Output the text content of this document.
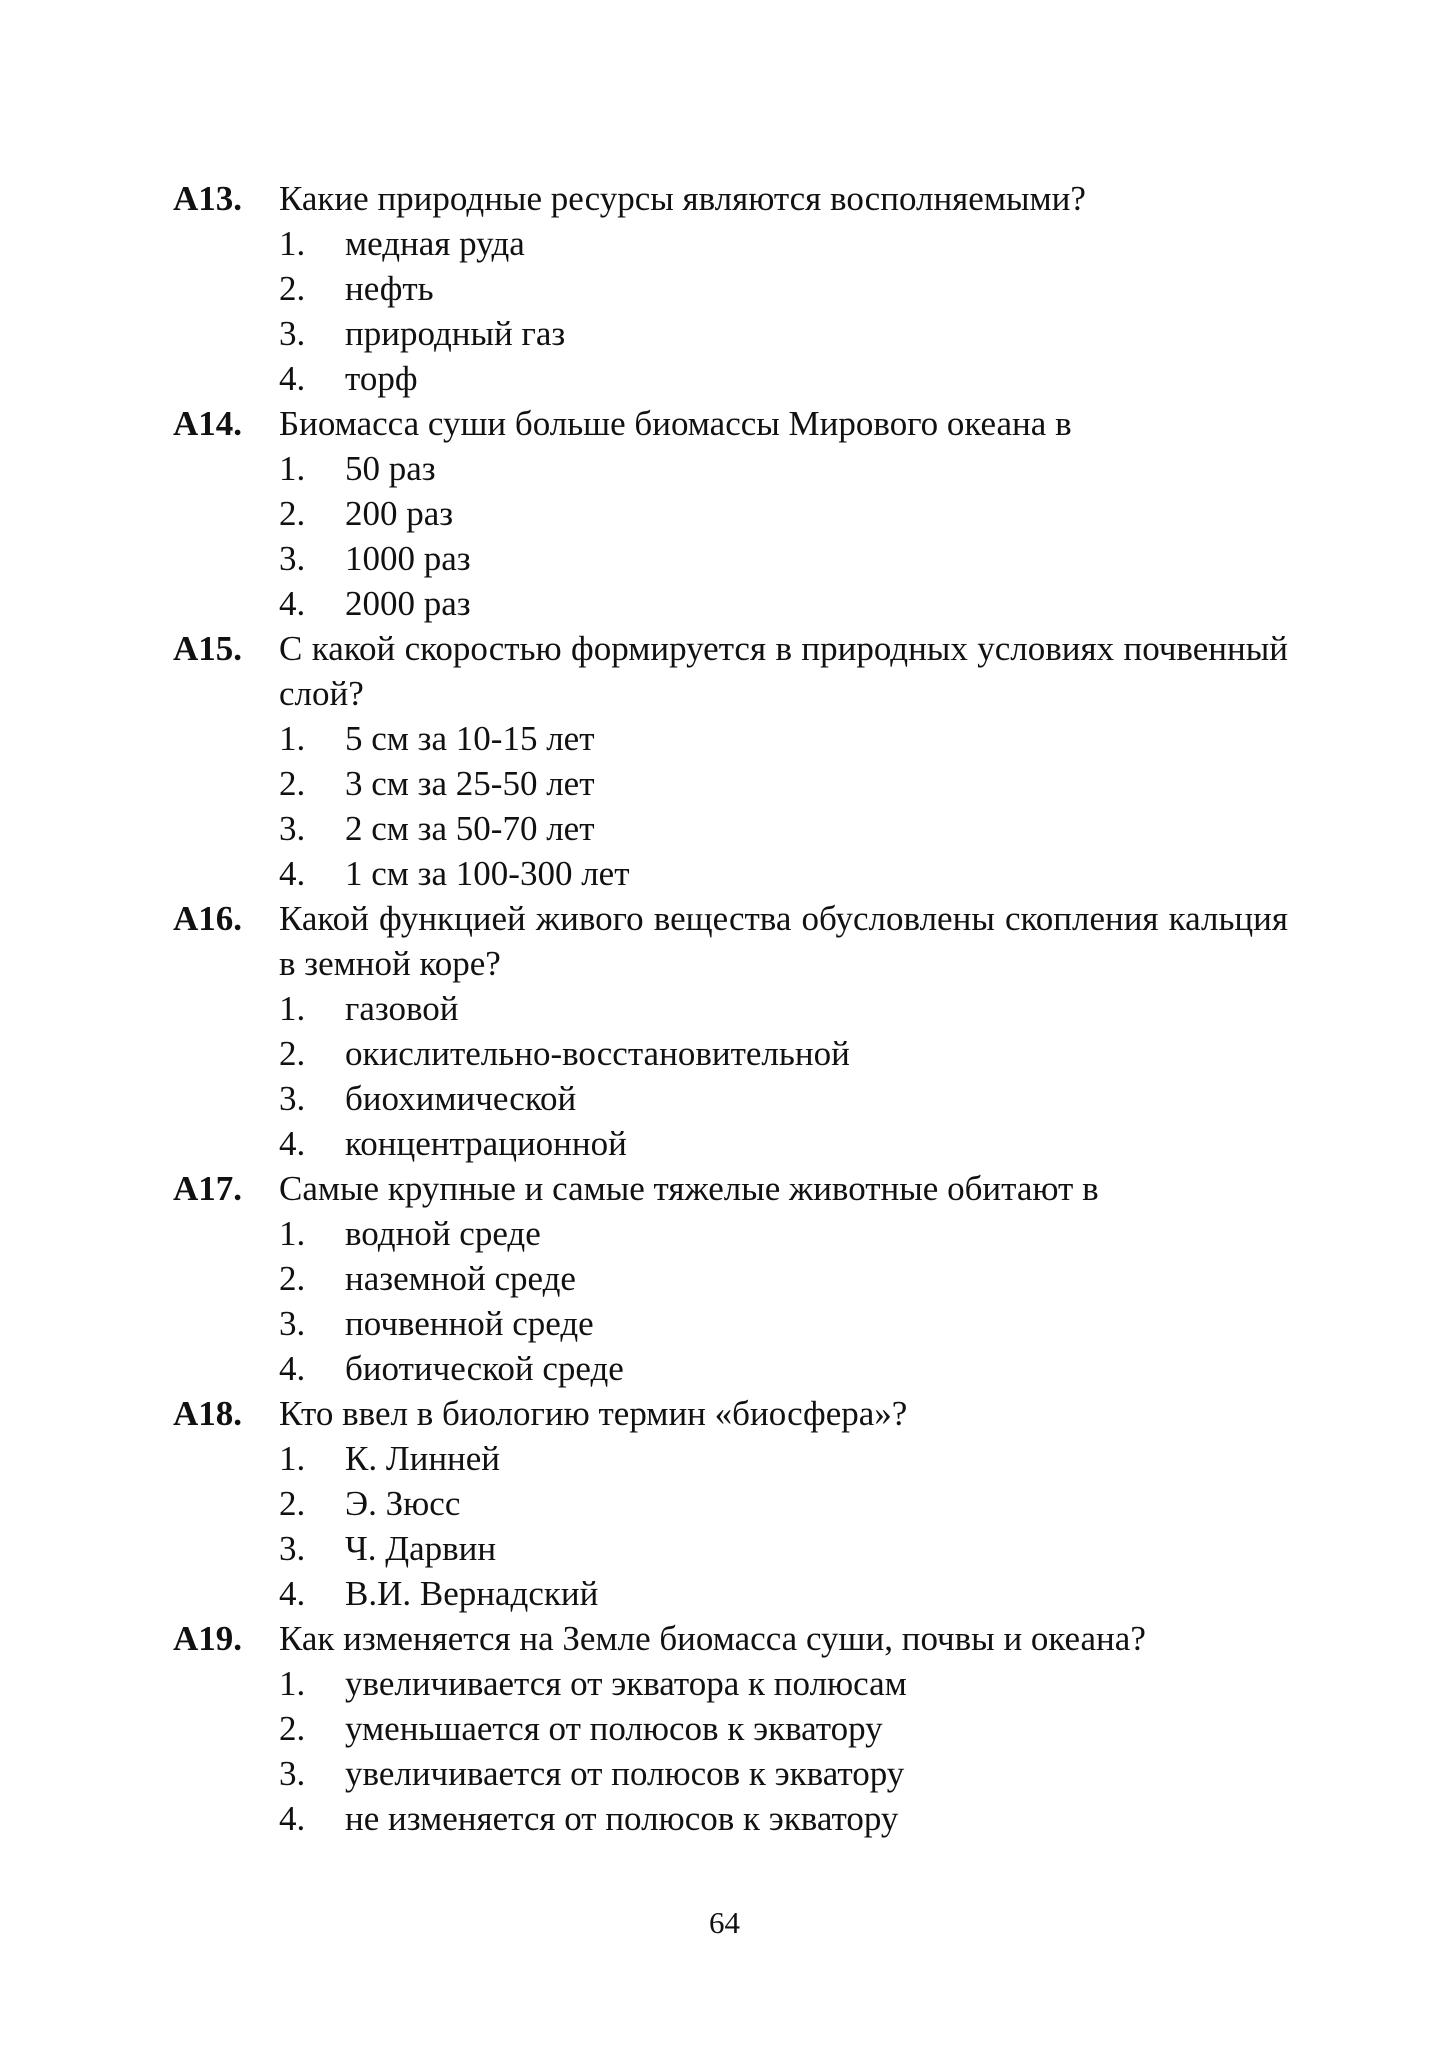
A13. Какие природные ресурсы являются восполняемыми?
1. медная руда
2. нефть
3. природный газ
4. торф
A14. Биомасса суши больше биомассы Мирового океана в
1. 50 раз
2. 200 раз
3. 1000 раз
4. 2000 раз
A15. С какой скоростью формируется в природных условиях почвенный слой?
1. 5 см за 10-15 лет
2. 3 см за 25-50 лет
3. 2 см за 50-70 лет
4. 1 см за 100-300 лет
A16. Какой функцией живого вещества обусловлены скопления кальция в земной коре?
1. газовой
2. окислительно-восстановительной
3. биохимической
4. концентрационной
A17. Самые крупные и самые тяжелые животные обитают в
1. водной среде
2. наземной среде
3. почвенной среде
4. биотической среде
A18. Кто ввел в биологию термин «биосфера»?
1. К. Линней
2. Э. Зюсс
3. Ч. Дарвин
4. В.И. Вернадский
A19. Как изменяется на Земле биомасса суши, почвы и океана?
1. увеличивается от экватора к полюсам
2. уменьшается от полюсов к экватору
3. увеличивается от полюсов к экватору
4. не изменяется от полюсов к экватору
64
